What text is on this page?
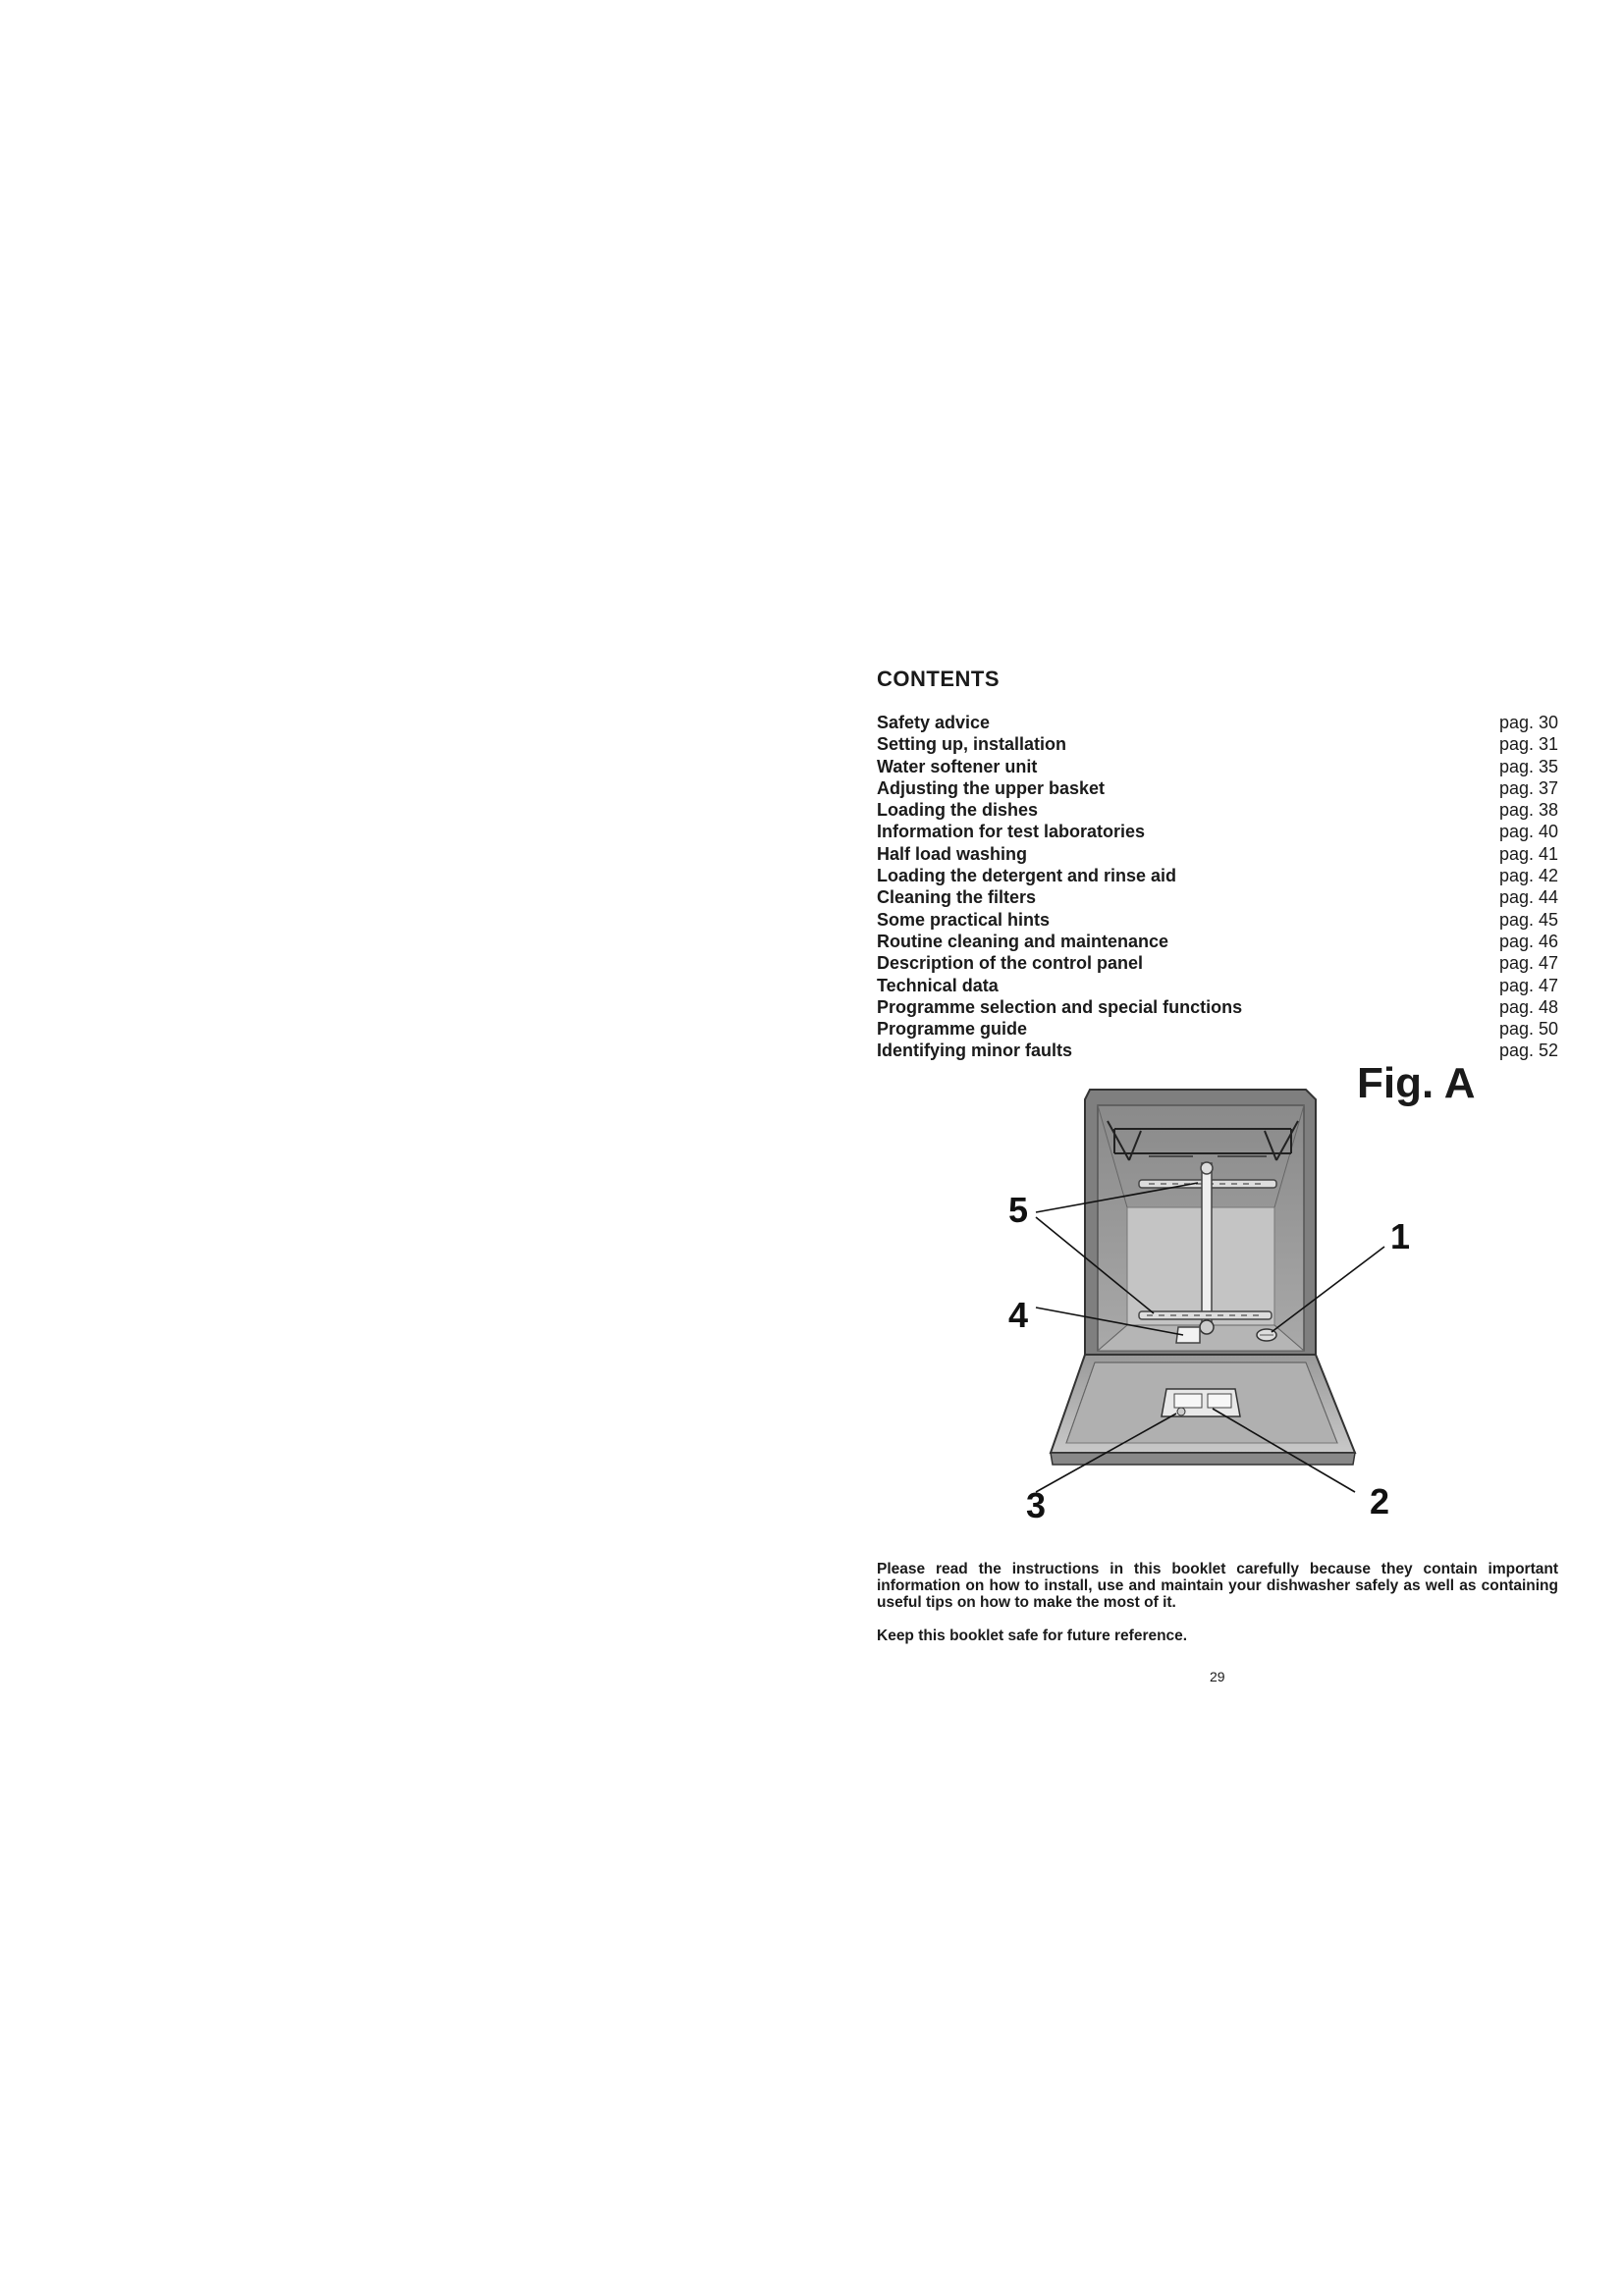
CONTENTS
Safety advice	pag. 30
Setting up, installation	pag. 31
Water softener unit	pag. 35
Adjusting the upper basket	pag. 37
Loading the dishes	pag. 38
Information for test laboratories	pag. 40
Half load washing	pag. 41
Loading the detergent and rinse aid	pag. 42
Cleaning the filters	pag. 44
Some practical hints	pag. 45
Routine cleaning and maintenance	pag. 46
Description of the control panel	pag. 47
Technical data	pag. 47
Programme selection and special functions	pag. 48
Programme guide	pag. 50
Identifying minor faults	pag. 52
Fig. A
5
4
1
3	2
Please read the instructions in this booklet carefully because they contain important information on how to install, use and maintain your dishwasher safely as well as containing useful tips on how to make the most of it.
Keep this booklet safe for future reference.
29
